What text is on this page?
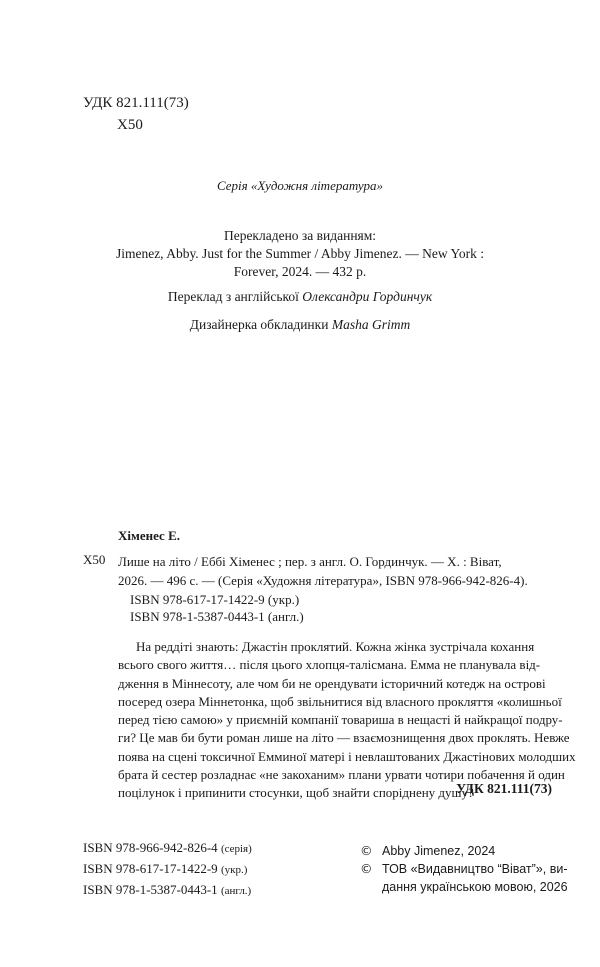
УДК 821.111(73)
Х50
Серія «Художня література»
Перекладено за виданням:
Jimenez, Abby. Just for the Summer / Abby Jimenez. — New York :
Forever, 2024. — 432 p.
Переклад з англійської Олександри Гординчук
Дизайнерка обкладинки Masha Grimm
Хіменес Е.
Х50 Лише на літо / Еббі Хіменес ; пер. з англ. О. Гординчук. — Х. : Віват,
2026. — 496 с. — (Серія «Художня література», ISBN 978-966-942-826-4).
ISBN 978-617-17-1422-9 (укр.)
ISBN 978-1-5387-0443-1 (англ.)
На реддіті знають: Джастін проклятий. Кожна жінка зустрічала кохання
всього свого життя… після цього хлопця-талісмана. Емма не планувала від-
дження в Міннесоту, але чом би не орендувати історичний котедж на острові
посеред озера Міннетонка, щоб звільнитися від власного прокляття «колишньої
перед тією самою» у приємній компанії товариша в нещасті й найкращої подру-
ги? Це мав би бути роман лише на літо — взаємознищення двох проклять. Невже
поява на сцені токсичної Емминої матері і невлаштованих Джастінових молодших
брата й сестер розладнає «не закоханим» плани урвати чотири побачення й один
поцілунок і припинити стосунки, щоб знайти споріднену душу?
УДК 821.111(73)
ISBN 978-966-942-826-4 (серія)
ISBN 978-617-17-1422-9 (укр.)
ISBN 978-1-5387-0443-1 (англ.)
© Abby Jimenez, 2024
© ТОВ «Видавництво “Віват”», ви-
дання українською мовою, 2026
